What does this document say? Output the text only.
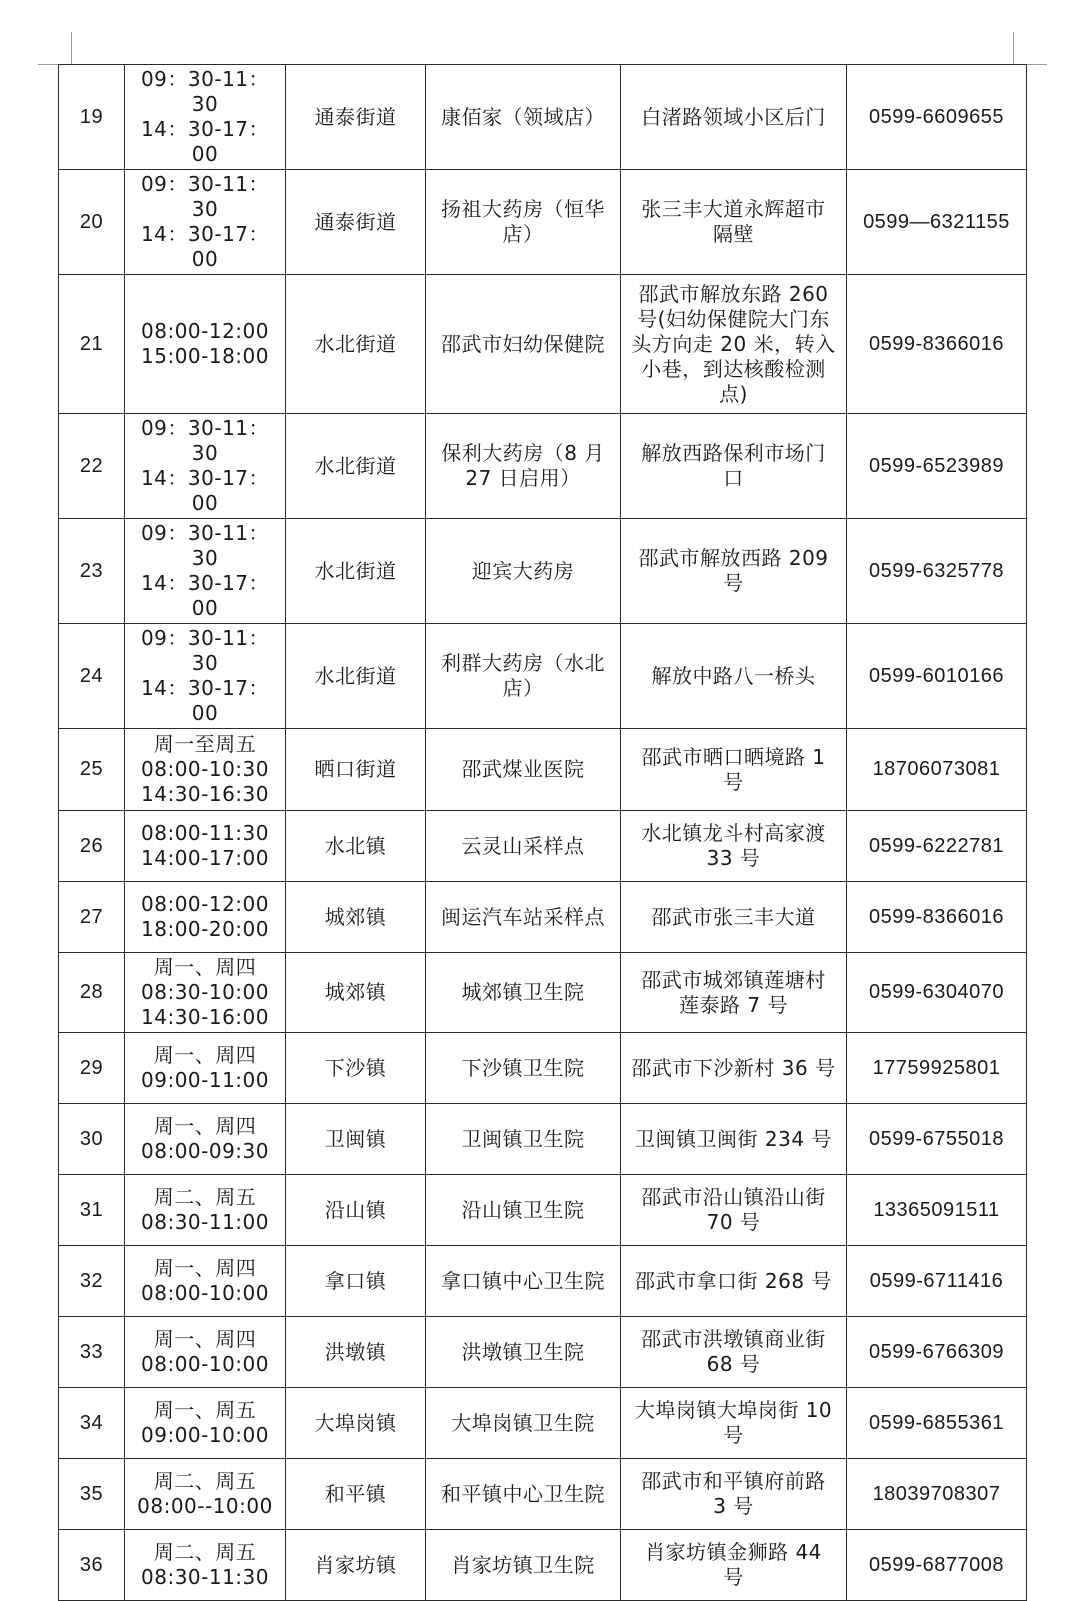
19	09：30-11：30
14：30-17：00	通泰街道	康佰家（领域店）	白渚路领域小区后门	0599-6609655
20	09：30-11：30
14：30-17：00	通泰街道	扬祖大药房（恒华
店）	张三丰大道永辉超市
隔壁	0599—6321155
21	08:00-12:00
15:00-18:00	水北街道	邵武市妇幼保健院	邵武市解放东路 260
号(妇幼保健院大门东
头方向走 20 米，转入
小巷，到达核酸检测
点)	0599-8366016
22	09：30-11：30
14：30-17：00	水北街道	保利大药房（8 月
27 日启用）	解放西路保利市场门
口	0599-6523989
23	09：30-11：30
14：30-17：00	水北街道	迎宾大药房	邵武市解放西路 209
号	0599-6325778
24	09：30-11：30
14：30-17：00	水北街道	利群大药房（水北
店）	解放中路八一桥头	0599-6010166
25	周一至周五
08:00-10:30
14:30-16:30	晒口街道	邵武煤业医院	邵武市晒口晒境路 1
号	18706073081
26	08:00-11:30
14:00-17:00	水北镇	云灵山采样点	水北镇龙斗村高家渡
33 号	0599-6222781
27	08:00-12:00
18:00-20:00	城郊镇	闽运汽车站采样点	邵武市张三丰大道	0599-8366016
28	周一、周四
08:30-10:00
14:30-16:00	城郊镇	城郊镇卫生院	邵武市城郊镇莲塘村
莲泰路 7 号	0599-6304070
29	周一、周四
09:00-11:00	下沙镇	下沙镇卫生院	邵武市下沙新村 36 号	17759925801
30	周一、周四
08:00-09:30	卫闽镇	卫闽镇卫生院	卫闽镇卫闽街 234 号	0599-6755018
31	周二、周五
08:30-11:00	沿山镇	沿山镇卫生院	邵武市沿山镇沿山街
70 号	13365091511
32	周一、周四
08:00-10:00	拿口镇	拿口镇中心卫生院	邵武市拿口街 268 号	0599-6711416
33	周一、周四
08:00-10:00	洪墩镇	洪墩镇卫生院	邵武市洪墩镇商业街
68 号	0599-6766309
34	周一、周五
09:00-10:00	大埠岗镇	大埠岗镇卫生院	大埠岗镇大埠岗街 10
号	0599-6855361
35	周二、周五
08:00--10:00	和平镇	和平镇中心卫生院	邵武市和平镇府前路
3 号	18039708307
36	周二、周五
08:30-11:30	肖家坊镇	肖家坊镇卫生院	肖家坊镇金狮路 44
号	0599-6877008
